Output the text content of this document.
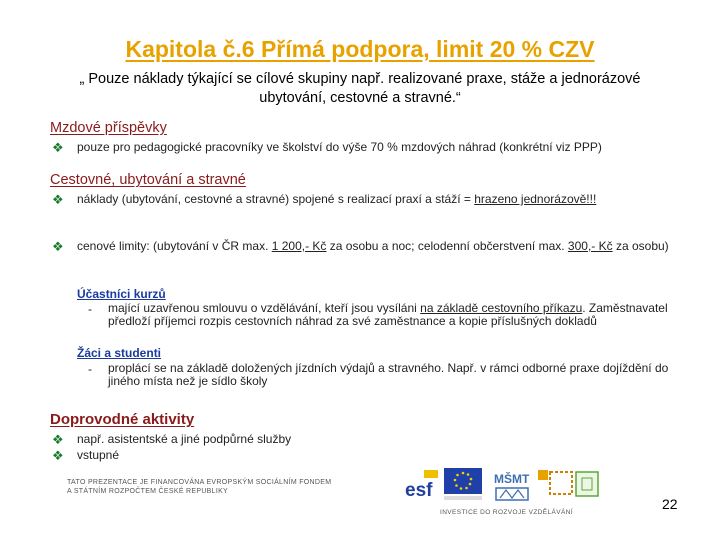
Kapitola č.6 Přímá podpora, limit 20 % CZV
„ Pouze náklady týkající se cílové skupiny např. realizované praxe, stáže a jednorázové ubytování, cestovné a stravné.“
Mzdové příspěvky
❖	pouze pro pedagogické pracovníky ve školství do výše 70 % mzdových náhrad (konkrétní viz PPP)
Cestovné, ubytování a stravné
❖	náklady (ubytování, cestovné a stravné) spojené s realizací praxí a stáží = hrazeno jednorázově!!!
❖	cenové limity: (ubytování v ČR max. 1 200,- Kč za osobu a noc; celodenní občerstvení max. 300,- Kč za osobu)
Účastníci kurzů
- mající uzavřenou smlouvu o vzdělávání, kteří jsou vysíláni na základě cestovního příkazu. Zaměstnavatel předloží příjemci rozpis cestovních náhrad za své zaměstnance a kopie příslušných dokladů
Žáci a studenti
- proplácí se na základě doložených jízdních výdajů a stravného. Např. v rámci odborné praxe dojíždění do jiného místa než je sídlo školy
Doprovodné aktivity
❖	např. asistentské a jiné podpůrné služby
❖	vstupné
TATO PREZENTACE JE FINANCOVÁNA EVROPSKÝM SOCIÁLNÍM FONDEM A STÁTNÍM ROZPOČTEM ČESKÉ REPUBLIKY	esf
MŠMT
INVESTICE DO ROZVOJE VZDĚLÁVÁNÍ
22
